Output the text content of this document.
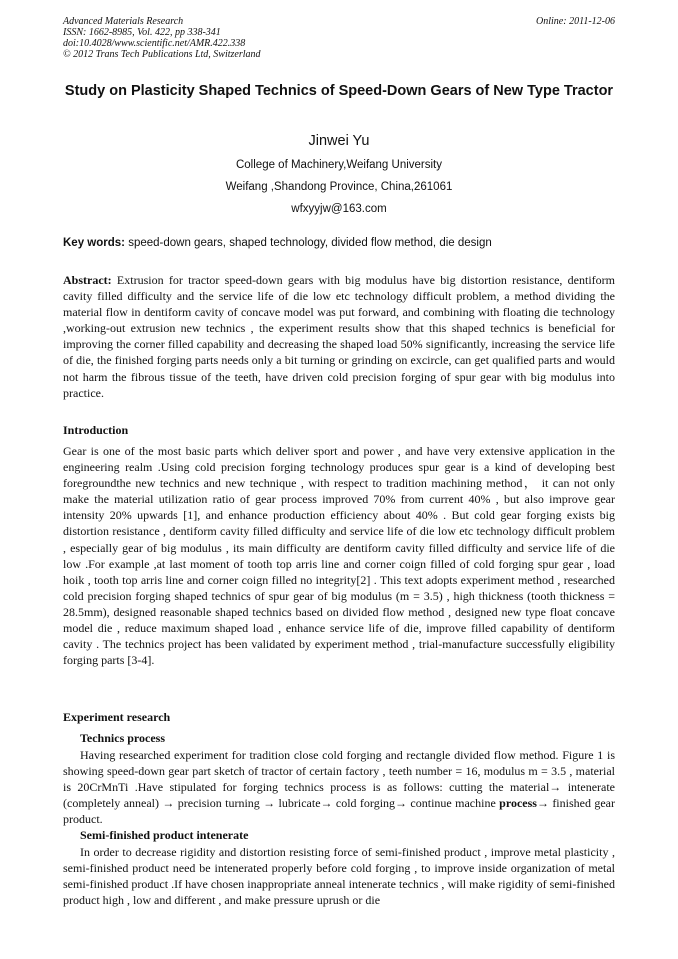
Advanced Materials Research
ISSN: 1662-8985, Vol. 422, pp 338-341
doi:10.4028/www.scientific.net/AMR.422.338
© 2012 Trans Tech Publications Ltd, Switzerland
Online: 2011-12-06
Study on Plasticity Shaped Technics of Speed-Down Gears of New Type Tractor
Jinwei Yu
College of Machinery,Weifang University
Weifang ,Shandong Province, China,261061
wfxyyjw@163.com
Key words: speed-down gears, shaped technology, divided flow method, die design
Abstract: Extrusion for tractor speed-down gears with big modulus have big distortion resistance, dentiform cavity filled difficulty and the service life of die low etc technology difficult problem, a method dividing the material flow in dentiform cavity of concave model was put forward, and combining with floating die technology ,working-out extrusion new technics , the experiment results show that this shaped technics is beneficial for improving the corner filled capability and decreasing the shaped load 50% significantly, increasing the service life of die, the finished forging parts needs only a bit turning or grinding on excircle, can get qualified parts and would not harm the fibrous tissue of the teeth, have driven cold precision forging of spur gear with big modulus into practice.
Introduction
Gear is one of the most basic parts which deliver sport and power , and have very extensive application in the engineering realm .Using cold precision forging technology produces spur gear is a kind of developing best foregroundthe new technics and new technique , with respect to tradition machining method， it can not only make the material utilization ratio of gear process improved 70% from current 40% , but also improve gear intensity 20% upwards [1], and enhance production efficiency about 40% . But cold gear forging exists big distortion resistance , dentiform cavity filled difficulty and service life of die low etc technology difficult problem , especially gear of big modulus , its main difficulty are dentiform cavity filled difficulty and service life of die low .For example ,at last moment of tooth top arris line and corner coign filled of cold forging spur gear , load hoik , tooth top arris line and corner coign filled no integrity[2] . This text adopts experiment method , researched cold precision forging shaped technics of spur gear of big modulus (m = 3.5) , high thickness (tooth thickness = 28.5mm), designed reasonable shaped technics based on divided flow method , designed new type float concave model die , reduce maximum shaped load , enhance service life of die, improve filled capability of dentiform cavity . The technics project has been validated by experiment method , trial-manufacture successfully eligibility forging parts [3-4].
Experiment research
Technics process
Having researched experiment for tradition close cold forging and rectangle divided flow method. Figure 1 is showing speed-down gear part sketch of tractor of certain factory , teeth number = 16, modulus m = 3.5 , material is 20CrMnTi .Have stipulated for forging technics process is as follows: cutting the material→ intenerate (completely anneal) → precision turning → lubricate→ cold forging→ continue machine process→ finished gear product.
Semi-finished product intenerate
In order to decrease rigidity and distortion resisting force of semi-finished product , improve metal plasticity , semi-finished product need be intenerated properly before cold forging , to improve inside organization of metal semi-finished product .If have chosen inappropriate anneal intenerate technics , will make rigidity of semi-finished product high , low and different , and make pressure uprush or die
